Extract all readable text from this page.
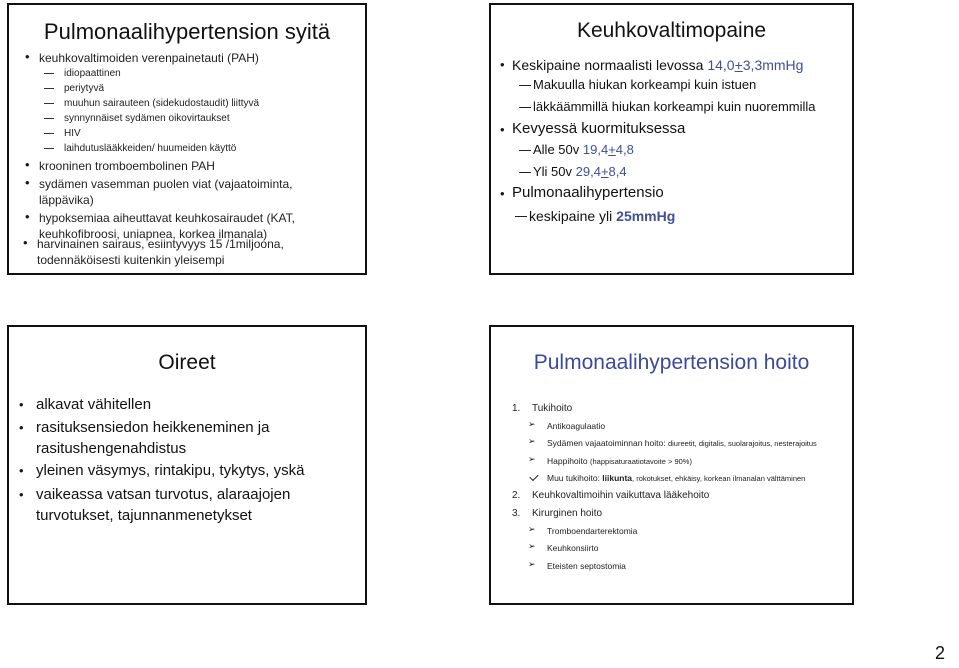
Pulmonaalihypertension syitä
• keuhkovaltimoiden verenpainetauti (PAH)
idiopaattinen
periytyvä
muuhun sairauteen (sidekudostaudit) liittyvä
synnynnäiset sydämen oikovirtaukset
HIV
laihdutuslääkkeiden/ huumeiden käyttö
• krooninen tromboembolinen PAH
• sydämen vasemman puolen viat (vajaatoiminta,
läppävika)
• hypoksemiaa aiheuttavat keuhkosairaudet (KAT,
keuhkofibroosi, uniapnea, korkea ilmanala)
• harvinainen sairaus, esiintyvyys 15 /1miljoona,
todennäköisesti kuitenkin yleisempi
Keuhkovaltimopaine
• Keskipaine normaalisti levossa 14,0+3,3mmHg
Makuulla hiukan korkeampi kuin istuen
läkkäämmillä hiukan korkeampi kuin nuoremmilla
• Kevyessä kuormituksessa
Alle 50v 19,4+4,8
Yli 50v 29,4+8,4
• Pulmonaalihypertensio
keskipaine yli 25mmHg
Oireet
• alkavat vähitellen
• rasituksensiedon heikkeneminen ja
rasitushengenahdistus
• yleinen väsymys, rintakipu, tykytys, yskä
• vaikeassa vatsan turvotus, alaraajojen
turvotukset, tajunnanmenetykset
Pulmonaalihypertension hoito
1. Tukihoito
➢ Antikoagulaatio
➢ Sydämen vajaatoiminnan hoito: diureetit, digitalis, suolarajoitus, nesterajoitus
➢ Happihoito (happisaturaatiotavoite > 90%)
Muu tukihoito: liikunta, rokotukset, ehkäisy, korkean ilmanalan välttäminen
2. Keuhkovaltimoihin vaikuttava lääkehoito
3. Kirurginen hoito
➢ Tromboendarterektomia
➢ Keuhkonsiirto
➢ Eteisten septostomia
2
